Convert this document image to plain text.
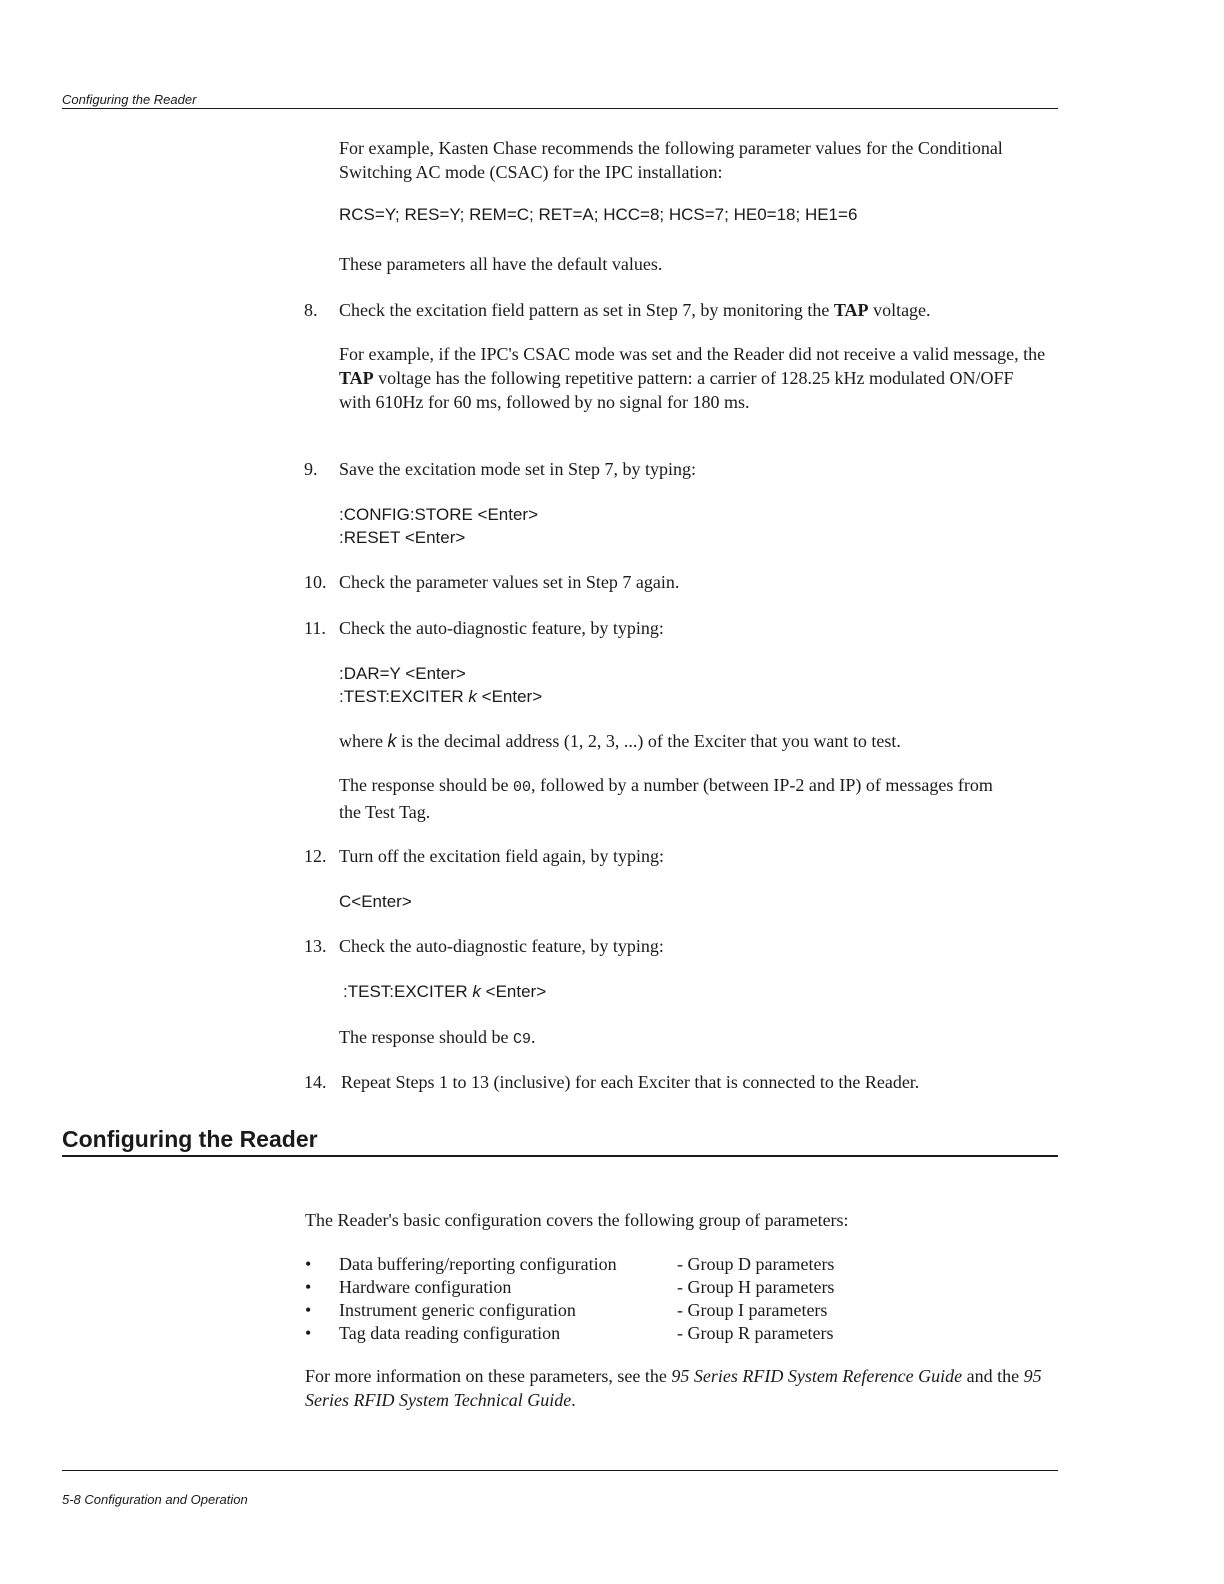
Configuring the Reader
For example, Kasten Chase recommends the following parameter values for the Conditional Switching AC mode (CSAC) for the IPC installation:
RCS=Y; RES=Y; REM=C; RET=A; HCC=8; HCS=7; HE0=18; HE1=6
These parameters all have the default values.
8.	Check the excitation field pattern as set in Step 7, by monitoring the TAP voltage.
For example, if the IPC's CSAC mode was set and the Reader did not receive a valid message, the TAP voltage has the following repetitive pattern: a carrier of 128.25 kHz modulated ON/OFF with 610Hz for 60 ms, followed by no signal for 180 ms.
9.	Save the excitation mode set in Step 7, by typing:
:CONFIG:STORE <Enter>
:RESET <Enter>
10. Check the parameter values set in Step 7 again.
11. Check the auto-diagnostic feature, by typing:
:DAR=Y <Enter>
:TEST:EXCITER k <Enter>
where k is the decimal address (1, 2, 3, ...) of the Exciter that you want to test.
The response should be 00, followed by a number (between IP-2 and IP) of messages from the Test Tag.
12. Turn off the excitation field again, by typing:
C<Enter>
13. Check the auto-diagnostic feature, by typing:
:TEST:EXCITER k <Enter>
The response should be C9.
14. Repeat Steps 1 to 13 (inclusive) for each Exciter that is connected to the Reader.
Configuring the Reader
The Reader's basic configuration covers the following group of parameters:
• Data buffering/reporting configuration	- Group D parameters
• Hardware configuration	- Group H parameters
• Instrument generic configuration	- Group I parameters
• Tag data reading configuration	- Group R parameters
For more information on these parameters, see the 95 Series RFID System Reference Guide and the 95 Series RFID System Technical Guide.
5-8 Configuration and Operation
